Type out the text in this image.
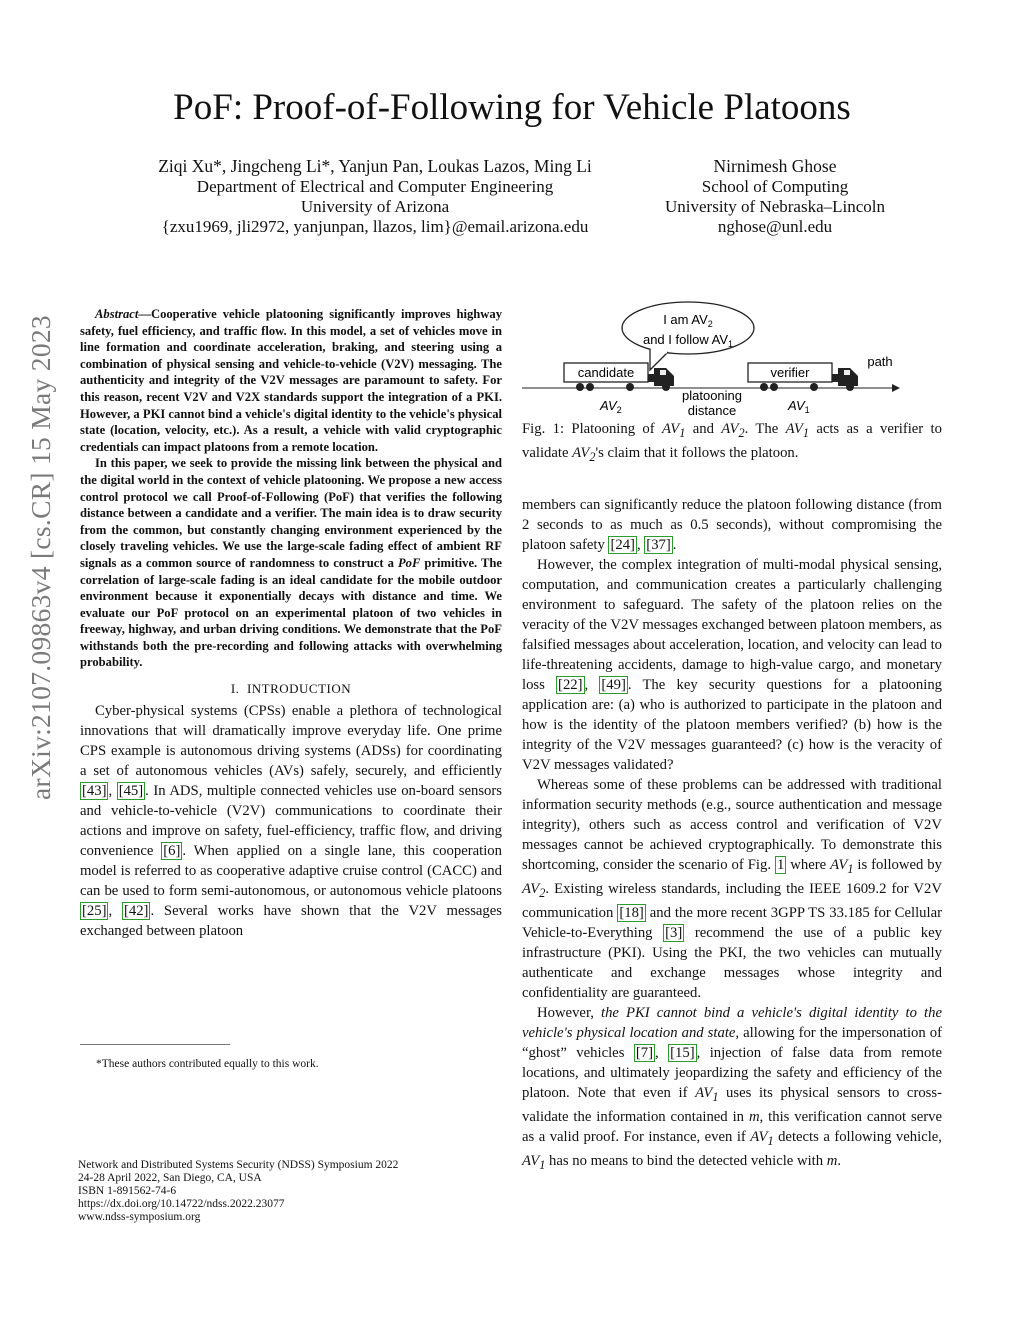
arXiv:2107.09863v4 [cs.CR] 15 May 2023
PoF: Proof-of-Following for Vehicle Platoons
Ziqi Xu*, Jingcheng Li*, Yanjun Pan, Loukas Lazos, Ming Li
Department of Electrical and Computer Engineering
University of Arizona
{zxu1969, jli2972, yanjunpan, llazos, lim}@email.arizona.edu
Nirnimesh Ghose
School of Computing
University of Nebraska–Lincoln
nghose@unl.edu

Abstract—Cooperative vehicle platooning significantly improves highway safety, fuel efficiency, and traffic flow. In this model, a set of vehicles move in line formation and coordinate acceleration, braking, and steering using a combination of physical sensing and vehicle-to-vehicle (V2V) messaging. The authenticity and integrity of the V2V messages are paramount to safety. For this reason, recent V2V and V2X standards support the integration of a PKI. However, a PKI cannot bind a vehicle's digital identity to the vehicle's physical state (location, velocity, etc.). As a result, a vehicle with valid cryptographic credentials can impact platoons from a remote location.

In this paper, we seek to provide the missing link between the physical and the digital world in the context of vehicle platooning. We propose a new access control protocol we call Proof-of-Following (PoF) that verifies the following distance between a candidate and a verifier. The main idea is to draw security from the common, but constantly changing environment experienced by the closely traveling vehicles. We use the large-scale fading effect of ambient RF signals as a common source of randomness to construct a PoF primitive. The correlation of large-scale fading is an ideal candidate for the mobile outdoor environment because it exponentially decays with distance and time. We evaluate our PoF protocol on an experimental platoon of two vehicles in freeway, highway, and urban driving conditions. We demonstrate that the PoF withstands both the pre-recording and following attacks with overwhelming probability.

I. INTRODUCTION

Cyber-physical systems (CPSs) enable a plethora of technological innovations that will dramatically improve everyday life. One prime CPS example is autonomous driving systems (ADSs) for coordinating a set of autonomous vehicles (AVs) safely, securely, and efficiently [43] , [45] . In ADS, multiple connected vehicles use on-board sensors and vehicle-to-vehicle (V2V) communications to coordinate their actions and improve on safety, fuel-efficiency, traffic flow, and driving convenience [6] . When applied on a single lane, this cooperation model is referred to as cooperative adaptive cruise control (CACC) and can be used to form semi-autonomous, or autonomous vehicle platoons [25] , [42] . Several works have shown that the V2V messages exchanged between platoon

*These authors contributed equally to this work.
Network and Distributed Systems Security (NDSS) Symposium 2022
24-28 April 2022, San Diego, CA, USA
ISBN 1-891562-74-6
https://dx.doi.org/10.14722/ndss.2022.23077
www.ndss-symposium.org
I am $AV_2$
and I follow $AV_1$
path
candidate	verifier
$AV_2$	$AV_1$
platooning
distance
Fig. 1: Platooning of $AV_1$ and $AV_2$. The $AV_1$ acts as a verifier to validate $AV_2's$ claim that it follows the platoon.

members can significantly reduce the platoon following distance (from 2 seconds to as much as 0.5 seconds), without compromising the platoon safety [24] , [37] .

However, the complex integration of multi-modal physical sensing, computation, and communication creates a particularly challenging environment to safeguard. The safety of the platoon relies on the veracity of the V2V messages exchanged between platoon members, as falsified messages about acceleration, location, and velocity can lead to life-threatening accidents, damage to high-value cargo, and monetary loss [22] , [49] . The key security questions for a platooning application are: (a) who is authorized to participate in the platoon and how is the identity of the platoon members verified? (b) how is the integrity of the V2V messages guaranteed? (c) how is the veracity of V2V messages validated?

Whereas some of these problems can be addressed with traditional information security methods (e.g., source authentication and message integrity), others such as access control and verification of V2V messages cannot be achieved cryptographically. To demonstrate this shortcoming, consider the scenario of Fig. 1 where $AV_1$ is followed by $AV_2$. Existing wireless standards, including the IEEE 1609.2 for V2V communication [18] and the more recent 3GPP TS 33.185 for Cellular Vehicle-to-Everything [3] recommend the use of a public key infrastructure (PKI). Using the PKI, the two vehicles can mutually authenticate and exchange messages whose integrity and confidentiality are guaranteed.

However, the PKI cannot bind a vehicle's digital identity to the vehicle's physical location and state, allowing for the impersonation of “ghost” vehicles [7] , [15] , injection of false data from remote locations, and ultimately jeopardizing the safety and efficiency of the platoon. Note that even if $AV_1$ uses its physical sensors to cross-validate the information contained in m, this verification cannot serve as a valid proof. For instance, even if $AV_1$ detects a following vehicle, $AV_1$ has no means to bind the detected vehicle with m.
